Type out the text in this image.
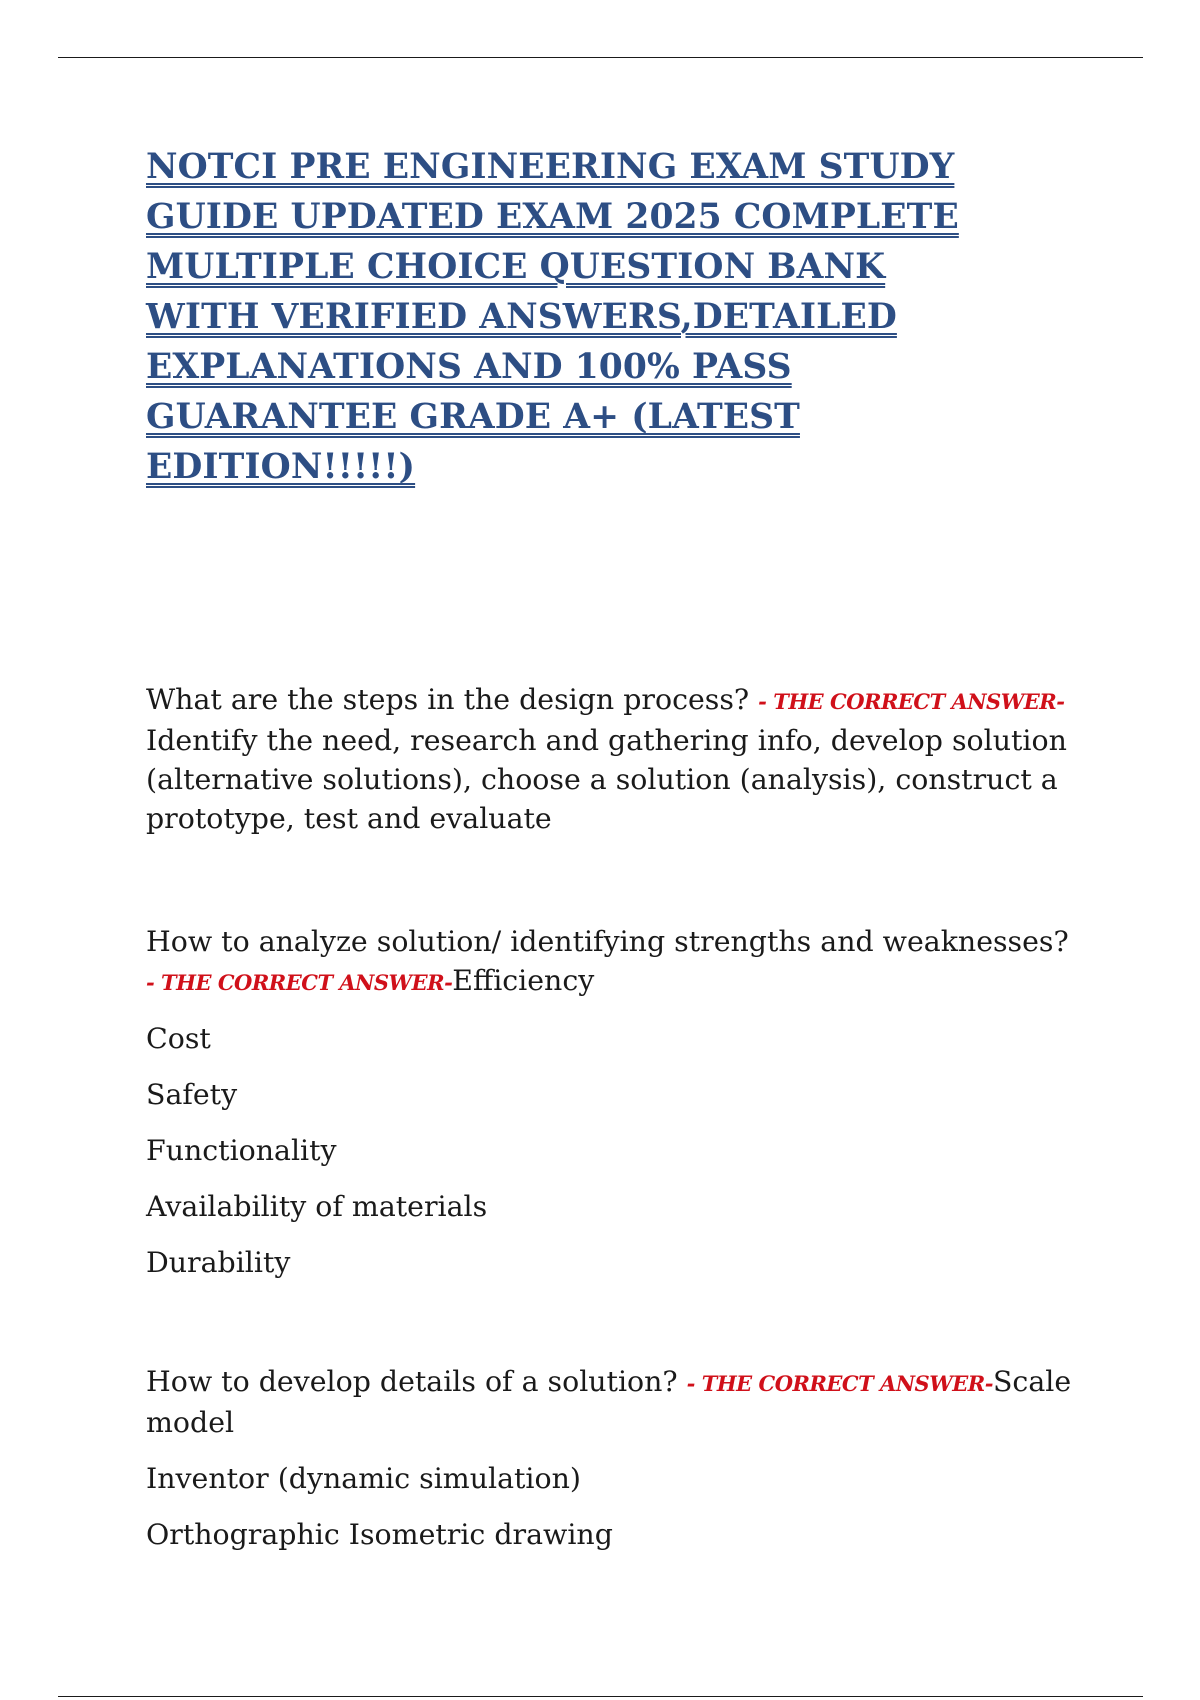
NOTCI PRE ENGINEERING EXAM STUDY
GUIDE UPDATED EXAM 2025 COMPLETE
MULTIPLE CHOICE QUESTION BANK
WITH VERIFIED ANSWERS,DETAILED
EXPLANATIONS AND 100% PASS
GUARANTEE GRADE A+ (LATEST
EDITION!!!!!)

What are the steps in the design process? - THE CORRECT ANSWER-
Identify the need, research and gathering info, develop solution (alternative solutions), choose a solution (analysis), construct a prototype, test and evaluate

How to analyze solution/ identifying strengths and weaknesses? - THE CORRECT ANSWER-Efficiency

Cost

Safety

Functionality

Availability of materials

Durability

How to develop details of a solution? - THE CORRECT ANSWER-Scale model

Inventor (dynamic simulation)

Orthographic Isometric drawing
